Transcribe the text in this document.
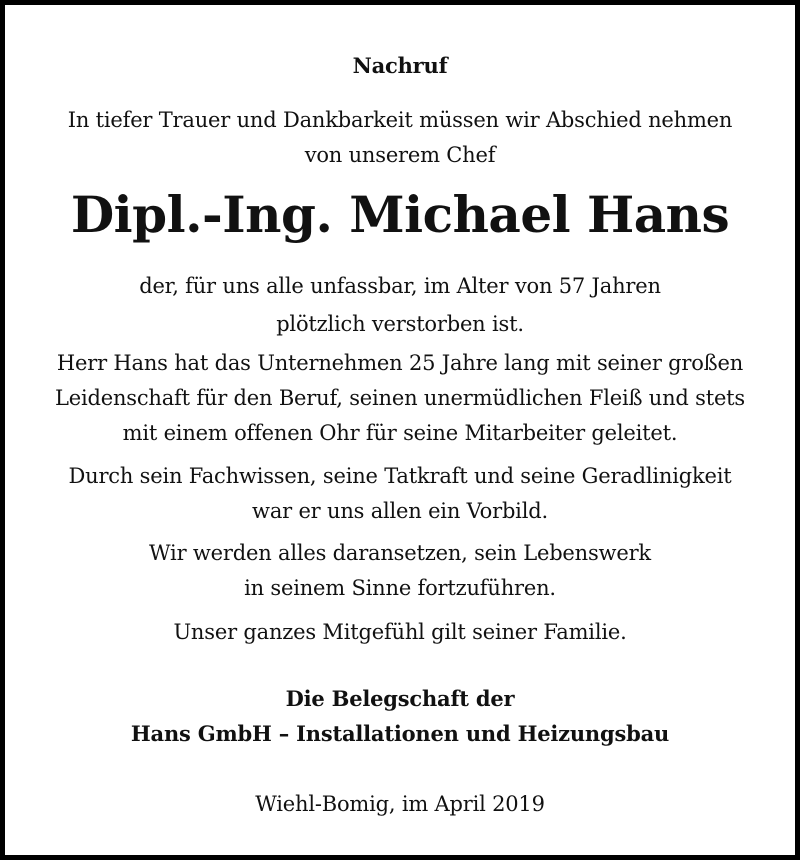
Nachruf

In tiefer Trauer und Dankbarkeit müssen wir Abschied nehmen

von unserem Chef

Dipl.-Ing. Michael Hans

der, für uns alle unfassbar, im Alter von 57 Jahren

plötzlich verstorben ist.

Herr Hans hat das Unternehmen 25 Jahre lang mit seiner großen

Leidenschaft für den Beruf, seinen unermüdlichen Fleiß und stets

mit einem offenen Ohr für seine Mitarbeiter geleitet.

Durch sein Fachwissen, seine Tatkraft und seine Geradlinigkeit

war er uns allen ein Vorbild.

Wir werden alles daransetzen, sein Lebenswerk

in seinem Sinne fortzuführen.

Unser ganzes Mitgefühl gilt seiner Familie.

Die Belegschaft der

Hans GmbH – Installationen und Heizungsbau

Wiehl-Bomig, im April 2019
